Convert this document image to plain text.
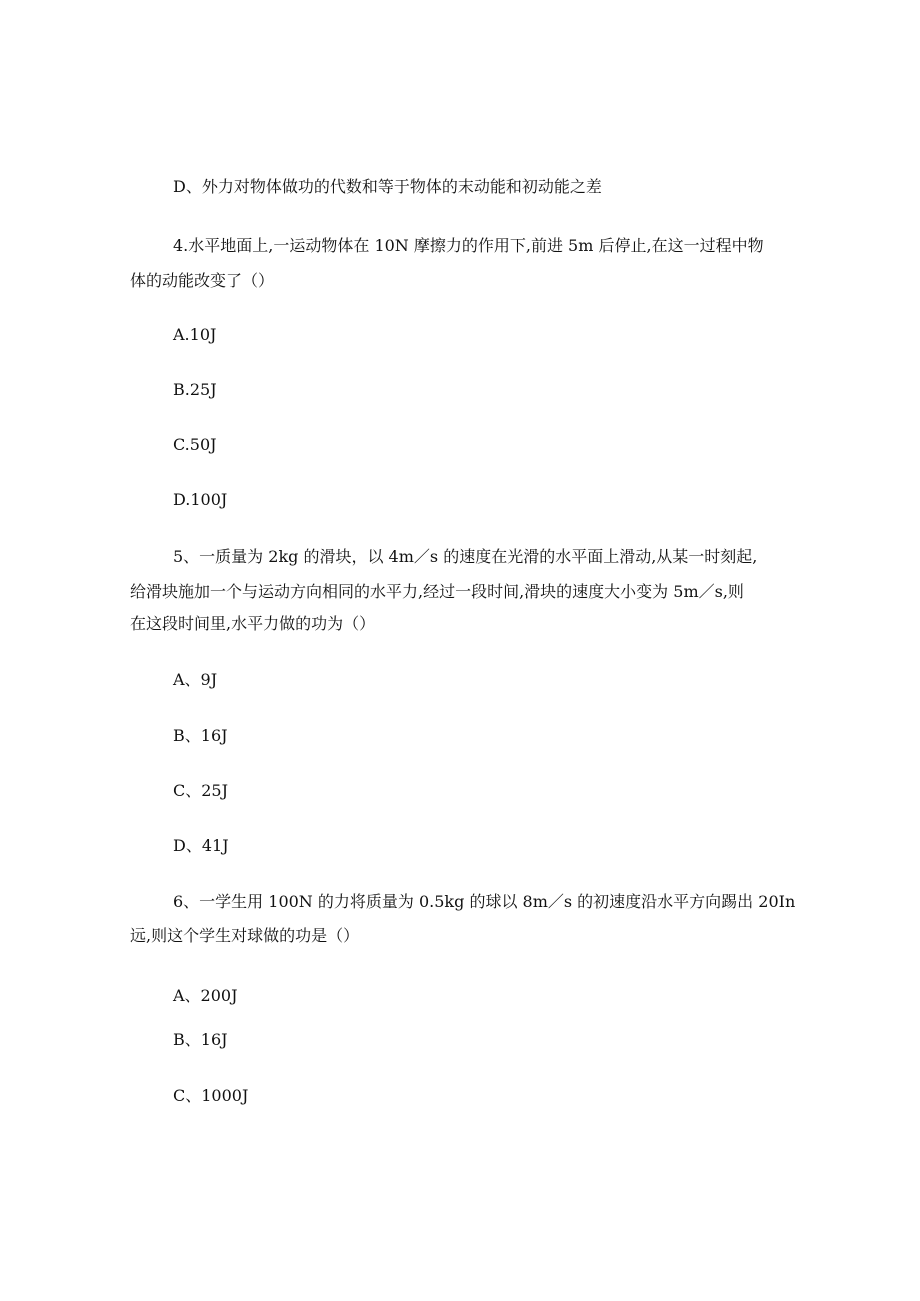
D、外力对物体做功的代数和等于物体的末动能和初动能之差
4.水平地面上,一运动物体在 10N 摩擦力的作用下,前进 5m 后停止,在这一过程中物
体的动能改变了（）
A.10J
B.25J
C.50J
D.100J
5、一质量为 2kg 的滑块，以 4m／s 的速度在光滑的水平面上滑动,从某一时刻起,
给滑块施加一个与运动方向相同的水平力,经过一段时间,滑块的速度大小变为 5m／s,则
在这段时间里,水平力做的功为（）
A、9J
B、16J
C、25J
D、41J
6、一学生用 100N 的力将质量为 0.5kg 的球以 8m／s 的初速度沿水平方向踢出 20In
远,则这个学生对球做的功是（）
A、200J
B、16J
C、1000J
